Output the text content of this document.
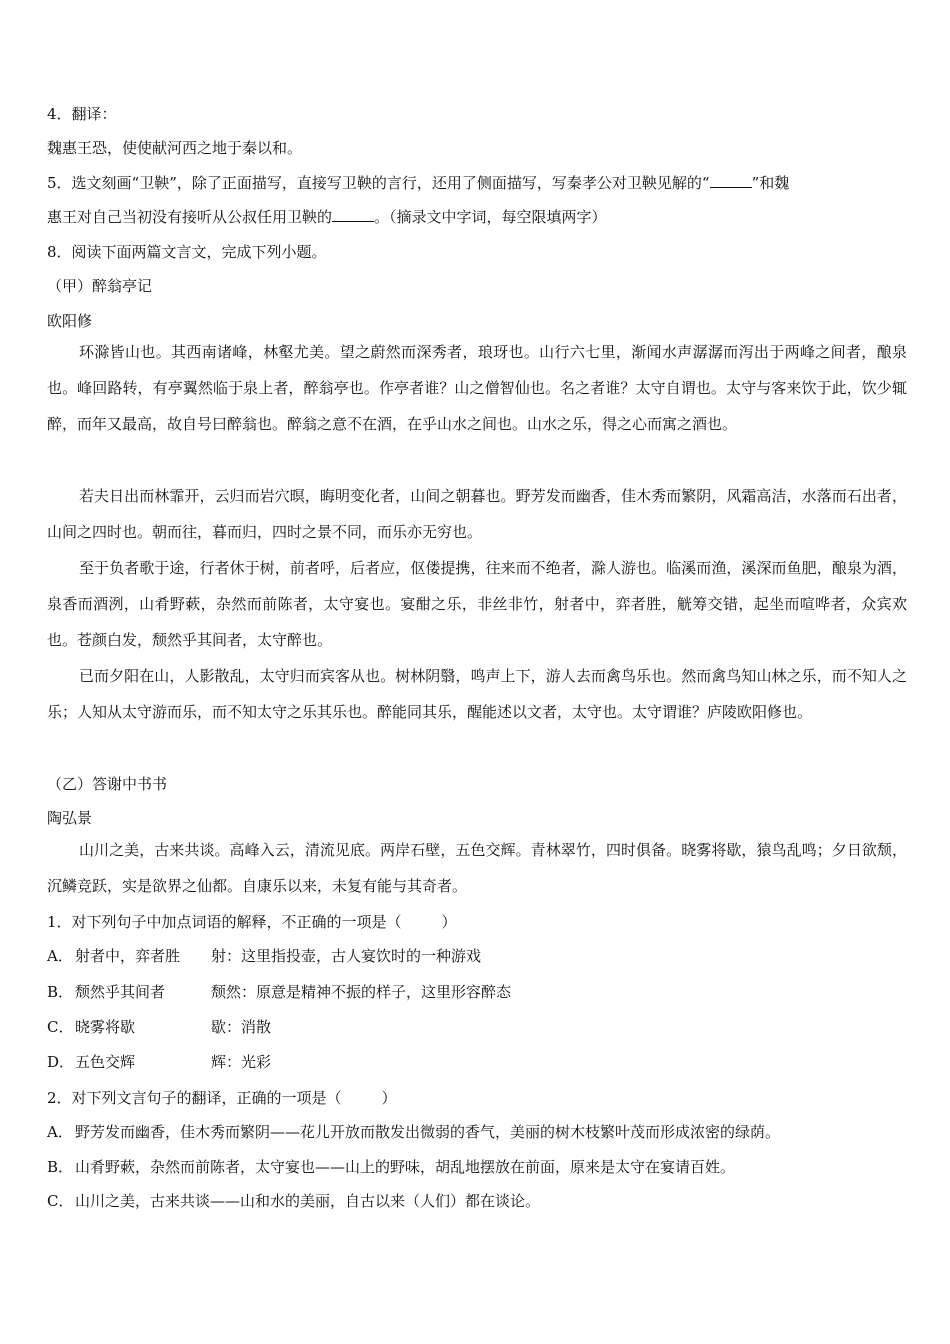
4．翻译：
魏惠王恐，使使献河西之地于秦以和。
5．选文刻画“卫鞅”，除了正面描写，直接写卫鞅的言行，还用了侧面描写，写秦孝公对卫鞅见解的“	”和魏
惠王对自己当初没有接听从公叔任用卫鞅的	。（摘录文中字词，每空限填两字）
8．阅读下面两篇文言文，完成下列小题。
（甲）醉翁亭记
欧阳修
环滁皆山也。其西南诸峰，林壑尤美。望之蔚然而深秀者，琅玡也。山行六七里，渐闻水声潺潺而泻出于两峰之间者，酿泉也。峰回路转，有亭翼然临于泉上者，醉翁亭也。作亭者谁？山之僧智仙也。名之者谁？太守自谓也。太守与客来饮于此，饮少辄醉，而年又最高，故自号曰醉翁也。醉翁之意不在酒，在乎山水之间也。山水之乐，得之心而寓之酒也。
若夫日出而林霏开，云归而岩穴暝，晦明变化者，山间之朝暮也。野芳发而幽香，佳木秀而繁阴，风霜高洁，水落而石出者，山间之四时也。朝而往，暮而归，四时之景不同，而乐亦无穷也。
至于负者歌于途，行者休于树，前者呼，后者应，伛偻提携，往来而不绝者，滁人游也。临溪而渔，溪深而鱼肥，酿泉为酒，泉香而酒洌，山肴野蔌，杂然而前陈者，太守宴也。宴酣之乐，非丝非竹，射者中，弈者胜，觥筹交错，起坐而喧哗者，众宾欢也。苍颜白发，颓然乎其间者，太守醉也。
已而夕阳在山，人影散乱，太守归而宾客从也。树林阴翳，鸣声上下，游人去而禽鸟乐也。然而禽鸟知山林之乐，而不知人之乐；人知从太守游而乐，而不知太守之乐其乐也。醉能同其乐，醒能述以文者，太守也。太守谓谁？庐陵欧阳修也。
（乙）答谢中书书
陶弘景
山川之美，古来共谈。高峰入云，清流见底。两岸石壁，五色交辉。青林翠竹，四时俱备。晓雾将歇，猿鸟乱鸣；夕日欲颓，沉鳞竞跃，实是欲界之仙都。自康乐以来，未复有能与其奇者。
1．对下列句子中加点词语的解释，不正确的一项是（	）
A． 射者中，弈者胜 射：这里指投壶，古人宴饮时的一种游戏
B． 颓然乎其间者	颓然：原意是精神不振的样子，这里形容醉态
C． 晓雾将歇	歇：消散
D．五色交辉	辉：光彩
2．对下列文言句子的翻译，正确的一项是（	）
A． 野芳发而幽香，佳木秀而繁阴——花儿开放而散发出微弱的香气，美丽的树木枝繁叶茂而形成浓密的绿荫。
B． 山肴野蔌，杂然而前陈者，太守宴也——山上的野味，胡乱地摆放在前面，原来是太守在宴请百姓。
C． 山川之美，古来共谈——山和水的美丽，自古以来（人们）都在谈论。
